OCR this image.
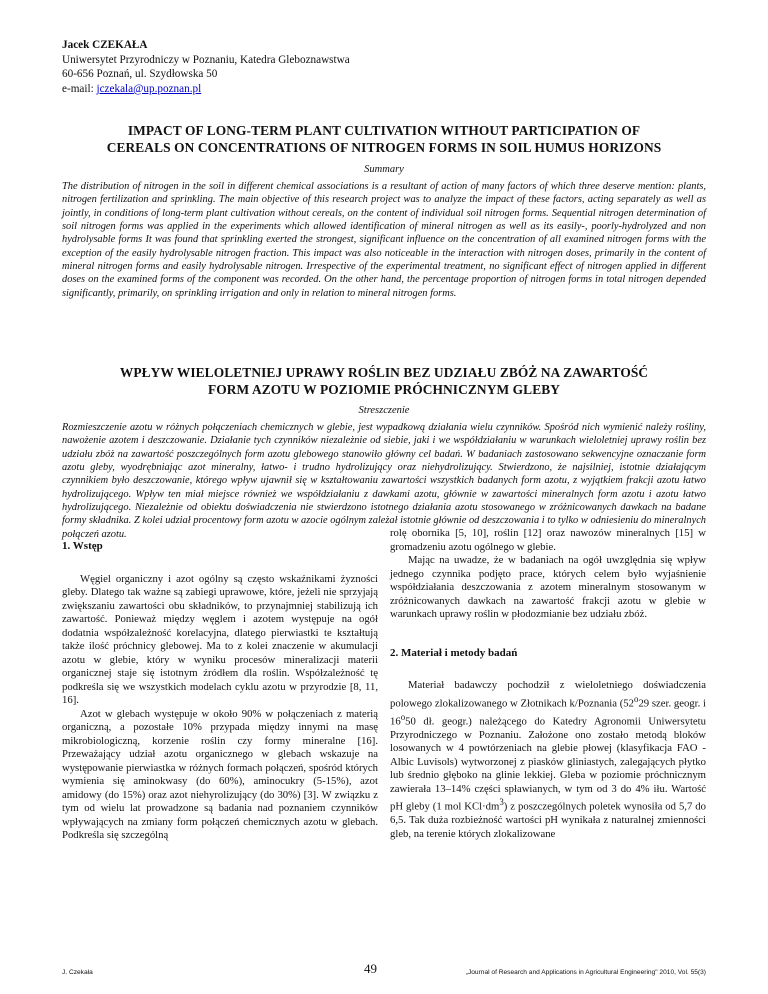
Jacek CZEKAŁA
Uniwersytet Przyrodniczy w Poznaniu, Katedra Gleboznawstwa
60-656 Poznań, ul. Szydłowska 50
e-mail: jczekala@up.poznan.pl
IMPACT OF LONG-TERM PLANT CULTIVATION WITHOUT PARTICIPATION OF
CEREALS ON CONCENTRATIONS OF NITROGEN FORMS IN SOIL HUMUS HORIZONS
Summary

The distribution of nitrogen in the soil in different chemical associations is a resultant of action of many factors of which three deserve mention: plants, nitrogen fertilization and sprinkling. The main objective of this research project was to analyze the impact of these factors, acting separately as well as jointly, in conditions of long-term plant cultivation without cereals, on the content of individual soil nitrogen forms. Sequential nitrogen determination of soil nitrogen forms was applied in the experiments which allowed identification of mineral nitrogen as well as its easily-, poorly-hydrolyzed and non hydrolysable forms It was found that sprinkling exerted the strongest, significant influence on the concentration of all examined nitrogen forms with the exception of the easily hydrolysable nitrogen fraction. This impact was also noticeable in the interaction with nitrogen doses, primarily in the content of mineral nitrogen forms and easily hydrolysable nitrogen. Irrespective of the experimental treatment, no significant effect of nitrogen applied in different doses on the examined forms of the component was recorded. On the other hand, the percentage proportion of nitrogen forms in total nitrogen depended significantly, primarily, on sprinkling irrigation and only in relation to mineral nitrogen forms.

WPŁYW WIELOLETNIEJ UPRAWY ROŚLIN BEZ UDZIAŁU ZBÓŻ NA ZAWARTOŚĆ
FORM AZOTU W POZIOMIE PRÓCHNICZNYM GLEBY
Streszczenie

Rozmieszczenie azotu w różnych połączeniach chemicznych w glebie, jest wypadkową działania wielu czynników. Spośród nich wymienić należy rośliny, nawożenie azotem i deszczowanie. Działanie tych czynników niezależnie od siebie, jaki i we współdziałaniu w warunkach wieloletniej uprawy roślin bez udziału zbóż na zawartość poszczególnych form azotu glebowego stanowiło główny cel badań. W badaniach zastosowano sekwencyjne oznaczanie form azotu gleby, wyodrębniając azot mineralny, łatwo- i trudno hydrolizujący oraz niehydrolizujący. Stwierdzono, że najsilniej, istotnie działającym czynnikiem było deszczowanie, którego wpływ ujawnił się w kształtowaniu zawartości wszystkich badanych form azotu, z wyjątkiem frakcji azotu łatwo hydrolizującego. Wpływ ten miał miejsce również we współdziałaniu z dawkami azotu, głównie w zawartości mineralnych form azotu i azotu łatwo hydrolizującego. Niezależnie od obiektu doświadczenia nie stwierdzono istotnego działania azotu stosowanego w zróżnicowanych dawkach na badane formy składnika. Z kolei udział procentowy form azotu w azocie ogólnym zależał istotnie głównie od deszczowania i to tylko w odniesieniu do mineralnych połączeń azotu.

1. Wstęp

Węgiel organiczny i azot ogólny są często wskaźnikami żyzności gleby. Dlatego tak ważne są zabiegi uprawowe, które, jeżeli nie sprzyjają zwiększaniu zawartości obu składników, to przynajmniej stabilizują ich zawartość. Ponieważ między węglem i azotem występuje na ogół dodatnia współzależność korelacyjna, dlatego pierwiastki te kształtują także ilość próchnicy glebowej. Ma to z kolei znaczenie w akumulacji azotu w glebie, który w wyniku procesów mineralizacji materii organicznej staje się istotnym źródłem dla roślin. Współzależność tę podkreśla się we wszystkich modelach cyklu azotu w przyrodzie [8, 11, 16].

Azot w glebach występuje w około 90% w połączeniach z materią organiczną, a pozostałe 10% przypada między innymi na masę mikrobiologiczną, korzenie roślin czy formy mineralne [16]. Przeważający udział azotu organicznego w glebach wskazuje na występowanie pierwiastka w różnych formach połączeń, spośród których wymienia się aminokwasy (do 60%), aminocukry (5-15%), azot amidowy (do 15%) oraz azot niehyrolizujący (do 30%) [3]. W związku z tym od wielu lat prowadzone są badania nad poznaniem czynników wpływających na zmiany form połączeń chemicznych azotu w glebach. Podkreśla się szczególną

rolę obornika [5, 10], roślin [12] oraz nawozów mineralnych [15] w gromadzeniu azotu ogólnego w glebie.

Mając na uwadze, że w badaniach na ogół uwzględnia się wpływ jednego czynnika podjęto prace, których celem było wyjaśnienie współdziałania deszczowania z azotem mineralnym stosowanym w zróżnicowanych dawkach na zawartość frakcji azotu w glebie w warunkach uprawy roślin w płodozmianie bez udziału zbóż.

2. Materiał i metody badań

Materiał badawczy pochodził z wieloletniego doświadczenia polowego zlokalizowanego w Złotnikach k/Poznania (52$^o$29 szer. geogr. i 16$^o$50 dł. geogr.) należącego do Katedry Agronomii Uniwersytetu Przyrodniczego w Poznaniu. Założone ono zostało metodą bloków losowanych w 4 powtórzeniach na glebie płowej (klasyfikacja FAO - Albic Luvisols) wytworzonej z piasków gliniastych, zalegających płytko lub średnio głęboko na glinie lekkiej. Gleba w poziomie próchnicznym zawierała 13–14% części spławianych, w tym od 3 do 4% iłu. Wartość pH gleby (1 mol $KCl\cdot dm^3$) z poszczególnych poletek wynosiła od 5,7 do 6,5. Tak duża rozbieżność wartości pH wynikała z naturalnej zmienności gleb, na terenie których zlokalizowane

J. Czekała	49	„Journal of Research and Applications in Agricultural Engineering" 2010, Vol. 55(3)
